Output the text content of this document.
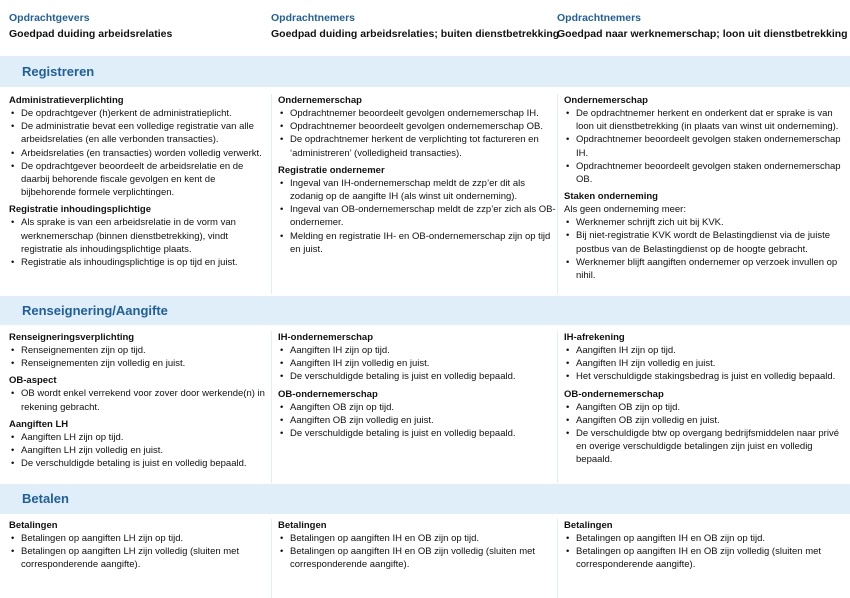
Opdrachtgevers
Goedpad duiding arbeidsrelaties
Opdrachtnemers
Goedpad duiding arbeidsrelaties; buiten dienstbetrekking
Opdrachtnemers
Goedpad naar werknemerschap; loon uit dienstbetrekking
Registreren
Administratieverplichting
• De opdrachtgever (h)erkent de administratieplicht.
• De administratie bevat een volledige registratie van alle arbeidsrelaties (en alle verbonden transacties).
• Arbeidsrelaties (en transacties) worden volledig verwerkt.
• De opdrachtgever beoordeelt de arbeidsrelatie en de daarbij behorende fiscale gevolgen en kent de bijbehorende formele verplichtingen.
Registratie inhoudingsplichtige
• Als sprake is van een arbeidsrelatie in de vorm van werknemerschap (binnen dienstbetrekking), vindt registratie als inhoudingsplichtige plaats.
• Registratie als inhoudingsplichtige is op tijd en juist.
Ondernemerschap
• Opdrachtnemer beoordeelt gevolgen ondernemerschap IH.
• Opdrachtnemer beoordeelt gevolgen ondernemerschap OB.
• De opdrachtnemer herkent de verplichting tot factureren en ‘administreren’ (volledigheid transacties).
Registratie ondernemer
• Ingeval van IH-ondernemerschap meldt de zzp’er dit als zodanig op de aangifte IH (als winst uit onderneming).
• Ingeval van OB-ondernemerschap meldt de zzp’er zich als OB-ondernemer.
• Melding en registratie IH- en OB-ondernemerschap zijn op tijd en juist.
Ondernemerschap
• De opdrachtnemer herkent en onderkent dat er sprake is van loon uit dienstbetrekking (in plaats van winst uit onderneming).
• Opdrachtnemer beoordeelt gevolgen staken ondernemerschap IH.
• Opdrachtnemer beoordeelt gevolgen staken ondernemerschap OB.
Staken onderneming
Als geen onderneming meer:
• Werknemer schrijft zich uit bij KVK.
• Bij niet-registratie KVK wordt de Belastingdienst via de juiste postbus van de Belastingdienst op de hoogte gebracht.
• Werknemer blijft aangiften ondernemer op verzoek invullen op nihil.
Renseignering/Aangifte
Renseigneringsverplichting
• Renseignementen zijn op tijd.
• Renseignementen zijn volledig en juist.
OB-aspect
• OB wordt enkel verrekend voor zover door werkende(n) in rekening gebracht.
Aangiften LH
• Aangiften LH zijn op tijd.
• Aangiften LH zijn volledig en juist.
• De verschuldigde betaling is juist en volledig bepaald.
IH-ondernemerschap
• Aangiften IH zijn op tijd.
• Aangiften IH zijn volledig en juist.
• De verschuldigde betaling is juist en volledig bepaald.
OB-ondernemerschap
• Aangiften OB zijn op tijd.
• Aangiften OB zijn volledig en juist.
• De verschuldigde betaling is juist en volledig bepaald.
IH-afrekening
• Aangiften IH zijn op tijd.
• Aangiften IH zijn volledig en juist.
• Het verschuldigde stakingsbedrag is juist en volledig bepaald.
OB-ondernemerschap
• Aangiften OB zijn op tijd.
• Aangiften OB zijn volledig en juist.
• De verschuldigde btw op overgang bedrijfsmiddelen naar privé en overige verschuldigde betalingen zijn juist en volledig bepaald.
Betalen
Betalingen
• Betalingen op aangiften LH zijn op tijd.
• Betalingen op aangiften LH zijn volledig (sluiten met corresponderende aangifte).
Betalingen
• Betalingen op aangiften IH en OB zijn op tijd.
• Betalingen op aangiften IH en OB zijn volledig (sluiten met corresponderende aangifte).
Betalingen
• Betalingen op aangiften IH en OB zijn op tijd.
• Betalingen op aangiften IH en OB zijn volledig (sluiten met corresponderende aangifte).
